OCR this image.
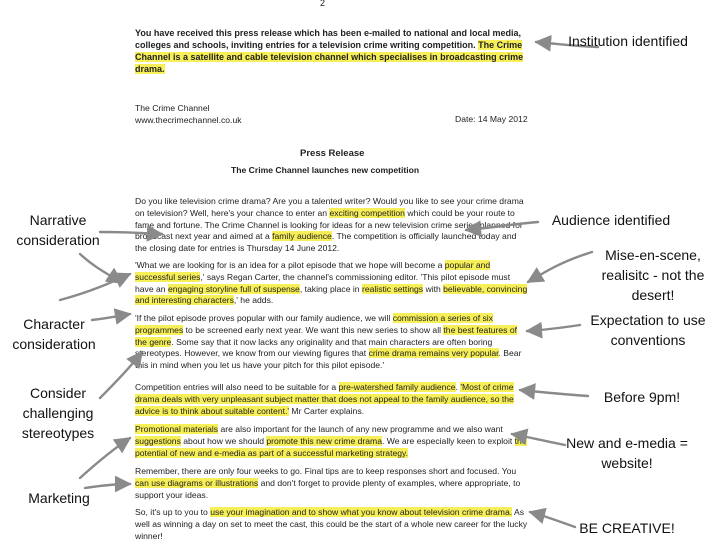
2
You have received this press release which has been e-mailed to national and local media, colleges and schools, inviting entries for a television crime writing competition. The Crime Channel is a satellite and cable television channel which specialises in broadcasting crime drama.

The Crime Channel

www.thecrimechannel.co.uk	Date: 14 May 2012
Press Release
The Crime Channel launches new competition
Do you like television crime drama? Are you a talented writer? Would you like to see your crime drama on television? Well, here's your chance to enter an exciting competition which could be your route to fame and fortune. The Crime Channel is looking for ideas for a new television crime series planned for broadcast next year and aimed at a family audience. The competition is officially launched today and the closing date for entries is Thursday 14 June 2012.
'What we are looking for is an idea for a pilot episode that we hope will become a popular and successful series,' says Regan Carter, the channel's commissioning editor. 'This pilot episode must have an engaging storyline full of suspense, taking place in realistic settings with believable, convincing and interesting characters,' he adds.
'If the pilot episode proves popular with our family audience, we will commission a series of six programmes to be screened early next year. We want this new series to show all the best features of the genre. Some say that it now lacks any originality and that main characters are often boring stereotypes. However, we know from our viewing figures that crime drama remains very popular. Bear this in mind when you let us have your pitch for this pilot episode.'
Competition entries will also need to be suitable for a pre-watershed family audience. 'Most of crime drama deals with very unpleasant subject matter that does not appeal to the family audience, so the advice is to think about suitable content.' Mr Carter explains.
Promotional materials are also important for the launch of any new programme and we also want suggestions about how we should promote this new crime drama. We are especially keen to exploit the potential of new and e-media as part of a successful marketing strategy.
Remember, there are only four weeks to go. Final tips are to keep responses short and focused. You can use diagrams or illustrations and don't forget to provide plenty of examples, where appropriate, to support your ideas.
So, it's up to you to use your imagination and to show what you know about television crime drama. As well as winning a day on set to meet the cast, this could be the start of a whole new career for the lucky winner!
Narrative consideration
Character consideration
Consider challenging stereotypes
Marketing
Institution identified
Audience identified
Mise-en-scene, realisitc - not the desert!
Expectation to use conventions
Before 9pm!
New and e-media = website!
BE CREATIVE!
